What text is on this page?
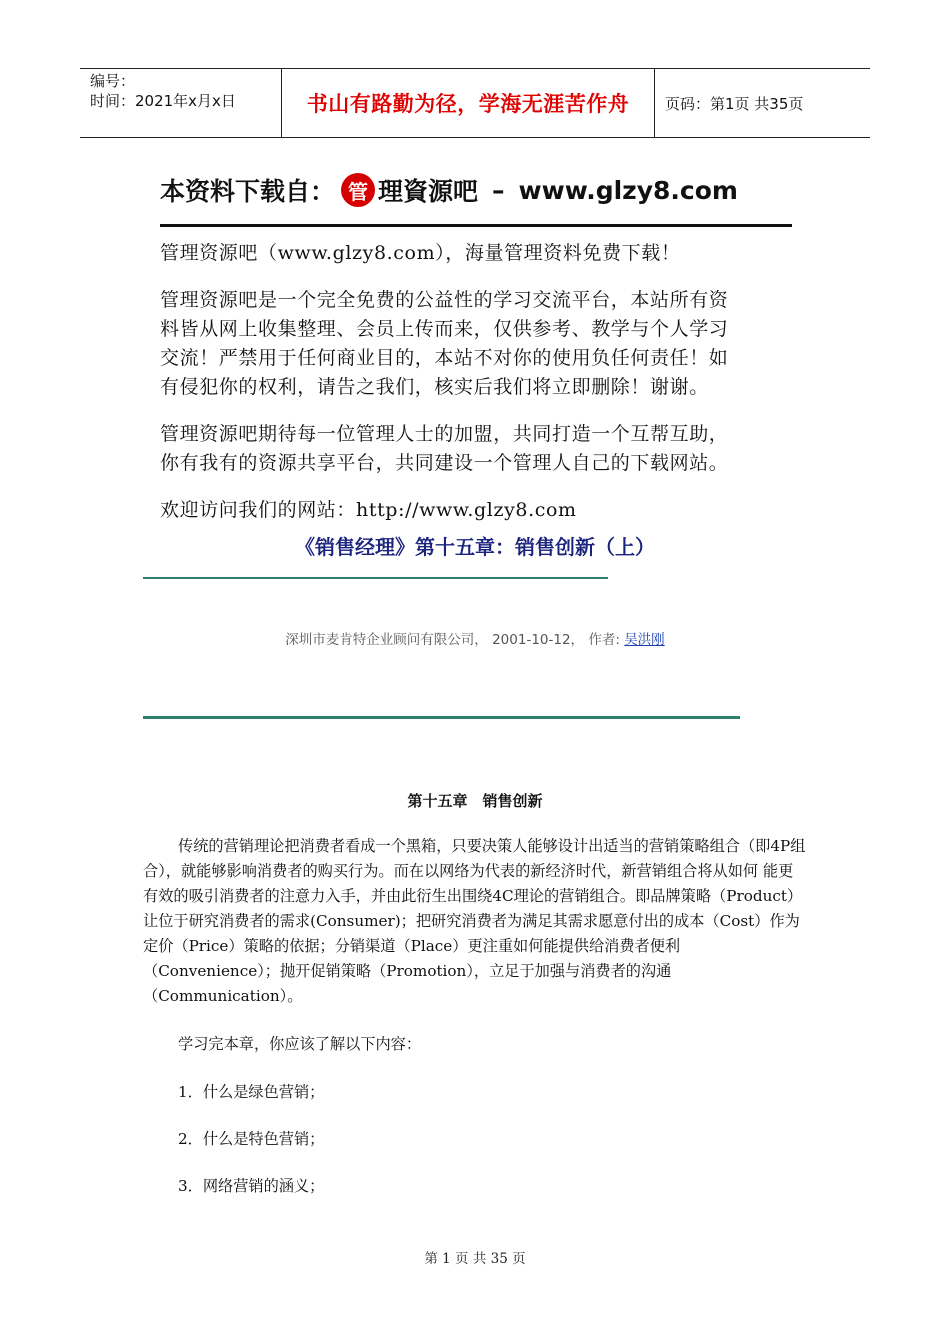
编号：
时间：2021年x月x日	书山有路勤为径，学海无涯苦作舟	页码：第1页 共35页
本资料下载自： 管 理資源吧 – www.glzy8.com
管理资源吧（www.glzy8.com），海量管理资料免费下载！
管理资源吧是一个完全免费的公益性的学习交流平台，本站所有资
料皆从网上收集整理、会员上传而来，仅供参考、教学与个人学习
交流！严禁用于任何商业目的，本站不对你的使用负任何责任！如
有侵犯你的权利，请告之我们，核实后我们将立即删除！谢谢。
管理资源吧期待每一位管理人士的加盟，共同打造一个互帮互助，
你有我有的资源共享平台，共同建设一个管理人自己的下载网站。
欢迎访问我们的网站：http://www.glzy8.com
《销售经理》第十五章：销售创新（上）
深圳市麦肯特企业顾问有限公司， 2001-10-12， 作者: 吴洪刚
第十五章　销售创新
传统的营销理论把消费者看成一个黑箱，只要决策人能够设计出适当的营销策略组合（即4P组合），就能够影响消费者的购买行为。而在以网络为代表的新经济时代，新营销组合将从如何 能更有效的吸引消费者的注意力入手，并由此衍生出围绕4C理论的营销组合。即品牌策略（Product）让位于研究消费者的需求(Consumer)；把研究消费者为满足其需求愿意付出的成本（Cost）作为定价（Price）策略的依据；分销渠道（Place）更注重如何能提供给消费者便利（Convenience）；抛开促销策略（Promotion），立足于加强与消费者的沟通（Communication）。
学习完本章，你应该了解以下内容：
1．什么是绿色营销；
2．什么是特色营销；
3．网络营销的涵义；
第 1 页 共 35 页
